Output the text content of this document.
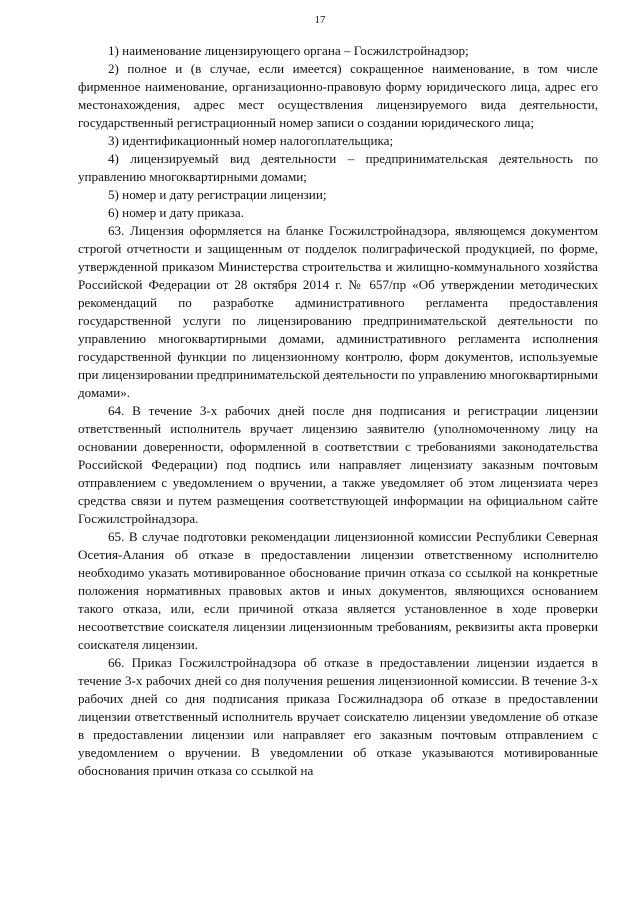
17

1) наименование лицензирующего органа – Госжилстройнадзор;

2) полное и (в случае, если имеется) сокращенное наименование, в том числе фирменное наименование, организационно-правовую форму юридического лица, адрес его местонахождения, адрес мест осуществления лицензируемого вида деятельности, государственный регистрационный номер записи о создании юридического лица;

3) идентификационный номер налогоплательщика;

4) лицензируемый вид деятельности – предпринимательская деятельность по управлению многоквартирными домами;

5) номер и дату регистрации лицензии;

6) номер и дату приказа.

63. Лицензия оформляется на бланке Госжилстройнадзора, являющемся документом строгой отчетности и защищенным от подделок полиграфической продукцией, по форме, утвержденной приказом Министерства строительства и жилищно-коммунального хозяйства Российской Федерации от 28 октября 2014 г. № 657/пр «Об утверждении методических рекомендаций по разработке административного регламента предоставления государственной услуги по лицензированию предпринимательской деятельности по управлению многоквартирными домами, административного регламента исполнения государственной функции по лицензионному контролю, форм документов, используемые при лицензировании предпринимательской деятельности по управлению многоквартирными домами».

64. В течение 3-х рабочих дней после дня подписания и регистрации лицензии ответственный исполнитель вручает лицензию заявителю (уполномоченному лицу на основании доверенности, оформленной в соответствии с требованиями законодательства Российской Федерации) под подпись или направляет лицензиату заказным почтовым отправлением с уведомлением о вручении, а также уведомляет об этом лицензиата через средства связи и путем размещения соответствующей информации на официальном сайте Госжилстройнадзора.

65. В случае подготовки рекомендации лицензионной комиссии Республики Северная Осетия-Алания об отказе в предоставлении лицензии ответственному исполнителю необходимо указать мотивированное обоснование причин отказа со ссылкой на конкретные положения нормативных правовых актов и иных документов, являющихся основанием такого отказа, или, если причиной отказа является установленное в ходе проверки несоответствие соискателя лицензии лицензионным требованиям, реквизиты акта проверки соискателя лицензии.

66. Приказ Госжилстройнадзора об отказе в предоставлении лицензии издается в течение 3-х рабочих дней со дня получения решения лицензионной комиссии. В течение 3-х рабочих дней со дня подписания приказа Госжилнадзора об отказе в предоставлении лицензии ответственный исполнитель вручает соискателю лицензии уведомление об отказе в предоставлении лицензии или направляет его заказным почтовым отправлением с уведомлением о вручении. В уведомлении об отказе указываются мотивированные обоснования причин отказа со ссылкой на
